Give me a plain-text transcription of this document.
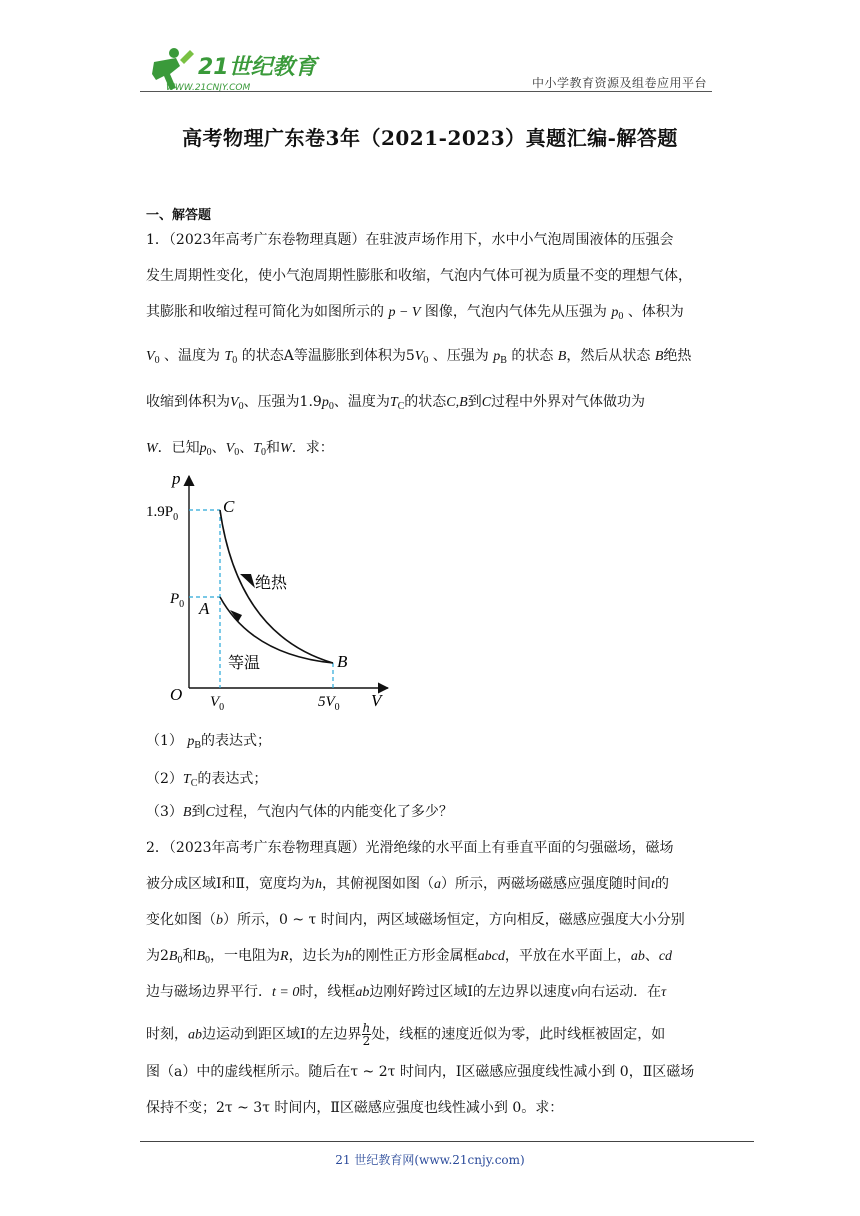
21世纪教育
WWW.21CNJY.COM	中小学教育资源及组卷应用平台
高考物理广东卷3年（2021-2023）真题汇编-解答题
一、解答题
1．（2023年高考广东卷物理真题）在驻波声场作用下，水中小气泡周围液体的压强会
发生周期性变化，使小气泡周期性膨胀和收缩，气泡内气体可视为质量不变的理想气体，
其膨胀和收缩过程可简化为如图所示的 p − V 图像，气泡内气体先从压强为 $p_0$ 、体积为
$V_0$ 、温度为 $T_0$ 的状态A等温膨胀到体积为$5V_0$ 、压强为 $p_B$ 的状态 B，然后从状态 B绝热
收缩到体积为$V_0$、压强为$1.9p_0$、温度为$T_C$的状态C,B到C过程中外界对气体做功为
W．已知$p_0$、$V_0$、$T_0$和W．求：
p
V
O
$1.9P_0$
$P_0$
$V_0$	$5V_0$
C
A
B
绝热
等温
（1） $p_B$的表达式；
$(2)T_C$的表达式；
（3）B到C过程，气泡内气体的内能变化了多少？
2．（2023年高考广东卷物理真题）光滑绝缘的水平面上有垂直平面的匀强磁场，磁场
被分成区域Ⅰ和Ⅱ，宽度均为h，其俯视图如图（a）所示，两磁场磁感应强度随时间t的
变化如图（b）所示，0 ~ τ 时间内，两区域磁场恒定，方向相反，磁感应强度大小分别
为$2B_0$和$B_0$，一电阻为R，边长为h的刚性正方形金属框abcd，平放在水平面上，ab、cd
边与磁场边界平行．t = 0时，线框ab边刚好跨过区域Ⅰ的左边界以速度v向右运动．在τ
时刻，ab边运动到距区域Ⅰ的左边界 $\frac{h}{2}$ 处，线框的速度近似为零，此时线框被固定，如
图（a）中的虚线框所示。随后在τ ~ 2τ 时间内，Ⅰ区磁感应强度线性减小到 0，Ⅱ区磁场
保持不变；2τ ~ 3τ 时间内，Ⅱ区磁感应强度也线性减小到 0。求：
21 世纪教育网(www.21cnjy.com)
